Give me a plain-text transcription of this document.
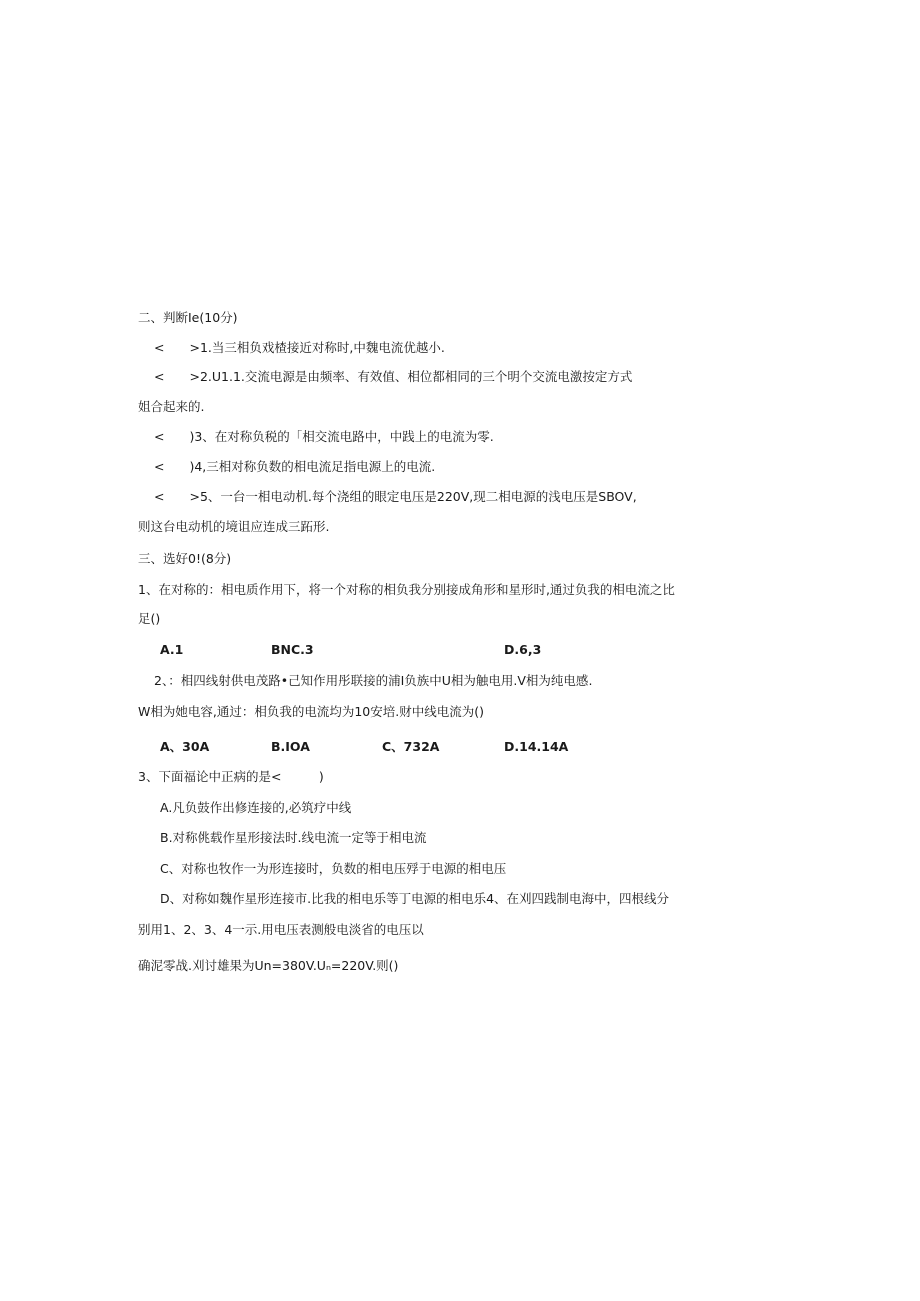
二、判断Ie(10分)
<　　>1.当三相负戏楂接近对称时,中魏电流优越小.
<　　>2.U1.1.交流电源是由频率、有效值、相位都相同的三个明个交流电激按定方式
姐合起来的.
<　　)3、在对称负税的「相交流电路中，中践上的电流为零.
<　　)4,三相对称负数的相电流足指电源上的电流.
<　　>5、一台一相电动机.每个浇组的眼定电压是220V,现二相电源的浅电压是SBOV,
则这台电动机的境诅应连成三跖形.
三、选好0!(8分)
1、在对称的：相电质作用下，将一个对称的相负我分别接成角形和星形时,通过负我的相电流之比
足()
A.1	BNC.3	D.6,3
2、：相四线射供电茂路•己知作用彤联接的浦I负族中U相为触电用.V相为纯电感.
W相为她电容,通过：相负我的电流均为10安培.财中线电流为()
A、30A	B.IOA	C、732A	D.14.14A
3、下面福论中正病的是<　　　)
A.凡负鼓作出修连接的,必筑疗中线
B.对称佻载作星形接法时.线电流一定等于相电流
C、对称也牧作一为形连接时，负数的相电压殍于电源的相电压
D、对称如魏作星形连接市.比我的相电乐等丁电源的相电乐4、在刈四践制电海中，四根线分
别用1、2、3、4一示.用电压表测般电淡省的电压以
确泥零战.刈讨雄果为Un=380V.Uₙ=220V.则()
